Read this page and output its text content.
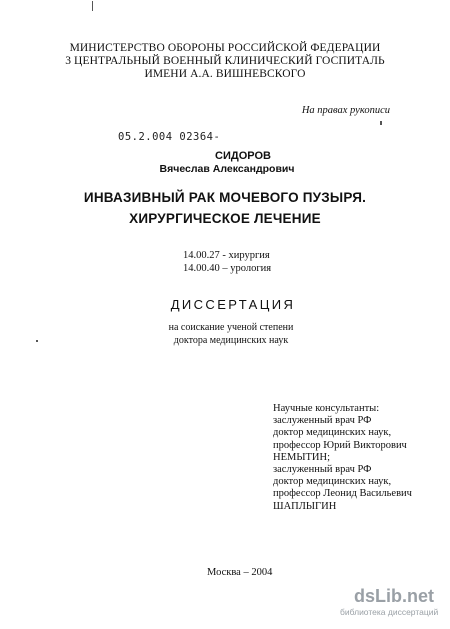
МИНИСТЕРСТВО ОБОРОНЫ РОССИЙСКОЙ ФЕДЕРАЦИИ
3 ЦЕНТРАЛЬНЫЙ ВОЕННЫЙ КЛИНИЧЕСКИЙ ГОСПИТАЛЬ
ИМЕНИ А.А. ВИШНЕВСКОГО
На правах рукописи
05.2.004 02364-
СИДОРОВ
Вячеслав Александрович
ИНВАЗИВНЫЙ РАК МОЧЕВОГО ПУЗЫРЯ.
ХИРУРГИЧЕСКОЕ ЛЕЧЕНИЕ
14.00.27 - хирургия
14.00.40 – урология
ДИССЕРТАЦИЯ
на соискание ученой степени
доктора медицинских наук
Научные консультанты:
заслуженный врач РФ
доктор медицинских наук,
профессор Юрий Викторович
НЕМЫТИН;
заслуженный врач РФ
доктор медицинских наук,
профессор Леонид Васильевич
ШАПЛЫГИН
Москва – 2004
dsLib.net
библиотека диссертаций
